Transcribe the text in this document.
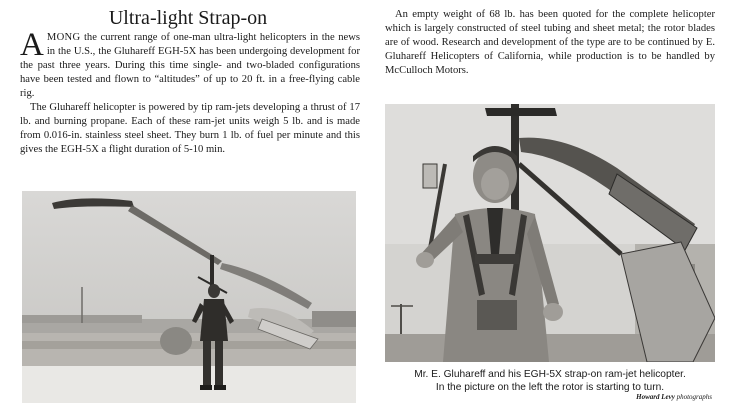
Ultra-light Strap-on

AMONG the current range of one-man ultra-light helicopters in the news in the U.S., the Gluhareff EGH-5X has been undergoing development for the past three years. During this time single- and two-bladed configurations have been tested and flown to “altitudes” of up to 20 ft. in a free-flying cable rig.

The Gluhareff helicopter is powered by tip ram-jets developing a thrust of 17 lb. and burning propane. Each of these ram-jet units weigh 5 lb. and is made from 0.016-in. stainless steel sheet. They burn 1 lb. of fuel per minute and this gives the EGH-5X a flight duration of 5-10 min.

An empty weight of 68 lb. has been quoted for the complete helicopter which is largely constructed of steel tubing and sheet metal; the rotor blades are of wood. Research and development of the type are to be continued by E. Gluhareff Helicopters of California, while production is to be handled by McCulloch Motors.

Mr. E. Gluhareff and his EGH-5X strap-on ram-jet helicopter.
In the picture on the left the rotor is starting to turn.
Howard Levy photographs
